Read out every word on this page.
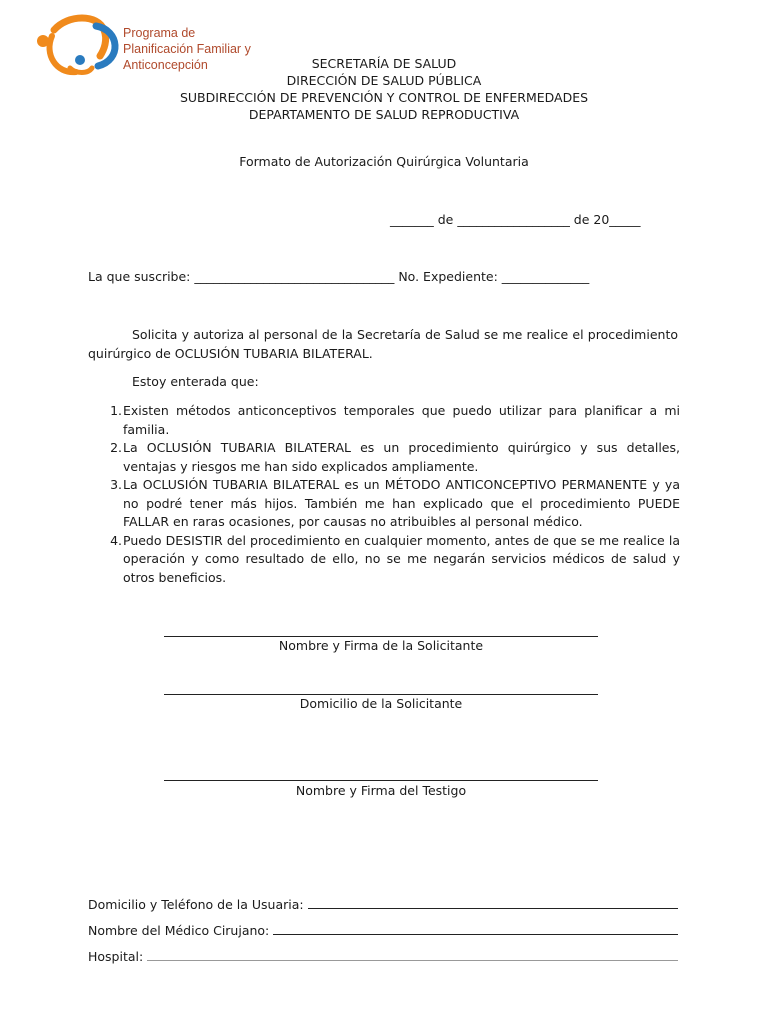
Programa de
Planificación Familiar y
Anticoncepción	SECRETARÍA DE SALUD
DIRECCIÓN DE SALUD PÚBLICA
SUBDIRECCIÓN DE PREVENCIÓN Y CONTROL DE ENFERMEDADES
DEPARTAMENTO DE SALUD REPRODUCTIVA
Formato de Autorización Quirúrgica Voluntaria
_______ de __________________ de 20_____
La que suscribe: ________________________________ No. Expediente: ______________
Solicita y autoriza al personal de la Secretaría de Salud se me realice el procedimiento quirúrgico de OCLUSIÓN TUBARIA BILATERAL.
Estoy enterada que:
1. Existen métodos anticonceptivos temporales que puedo utilizar para planificar a mi familia.
2. La OCLUSIÓN TUBARIA BILATERAL es un procedimiento quirúrgico y sus detalles, ventajas y riesgos me han sido explicados ampliamente.
3. La OCLUSIÓN TUBARIA BILATERAL es un MÉTODO ANTICONCEPTIVO PERMANENTE y ya no podré tener más hijos. También me han explicado que el procedimiento PUEDE FALLAR en raras ocasiones, por causas no atribuibles al personal médico.
4. Puedo DESISTIR del procedimiento en cualquier momento, antes de que se me realice la operación y como resultado de ello, no se me negarán servicios médicos de salud y otros beneficios.
Nombre y Firma de la Solicitante
Domicilio de la Solicitante
Nombre y Firma del Testigo
Domicilio y Teléfono de la Usuaria:
Nombre del Médico Cirujano:
Hospital:
